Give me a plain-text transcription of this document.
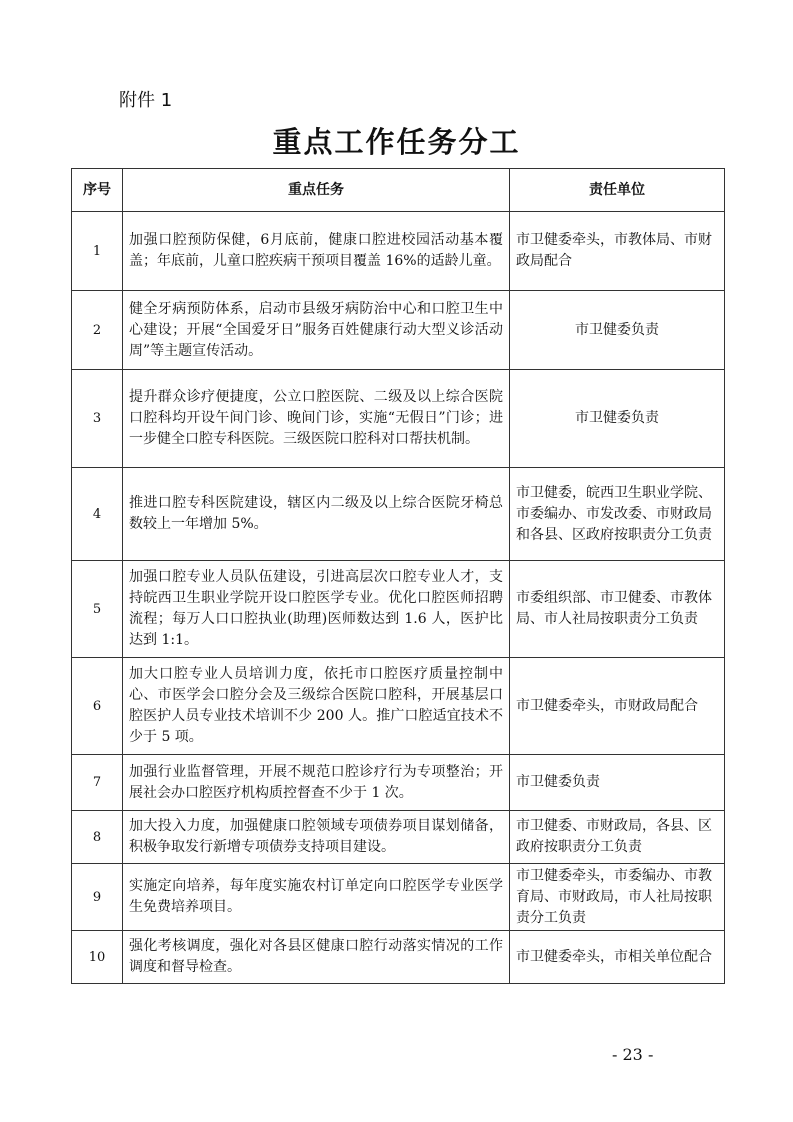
附件 1
重点工作任务分工
序号	重点任务	责任单位
1	加强口腔预防保健，6月底前，健康口腔进校园活动基本覆盖；年底前，儿童口腔疾病干预项目覆盖 16%的适龄儿童。	市卫健委牵头，市教体局、市财政局配合
2	健全牙病预防体系，启动市县级牙病防治中心和口腔卫生中心建设；开展“全国爱牙日”服务百姓健康行动大型义诊活动周”等主题宣传活动。	市卫健委负责
3	提升群众诊疗便捷度，公立口腔医院、二级及以上综合医院口腔科均开设午间门诊、晚间门诊，实施“无假日”门诊；进一步健全口腔专科医院。三级医院口腔科对口帮扶机制。	市卫健委负责
4	推进口腔专科医院建设，辖区内二级及以上综合医院牙椅总数较上一年增加 5%。	市卫健委，皖西卫生职业学院、市委编办、市发改委、市财政局和各县、区政府按职责分工负责
5	加强口腔专业人员队伍建设，引进高层次口腔专业人才，支持皖西卫生职业学院开设口腔医学专业。优化口腔医师招聘流程；每万人口口腔执业(助理)医师数达到 1.6 人，医护比达到 1:1。	市委组织部、市卫健委、市教体局、市人社局按职责分工负责
6	加大口腔专业人员培训力度，依托市口腔医疗质量控制中心、市医学会口腔分会及三级综合医院口腔科，开展基层口腔医护人员专业技术培训不少 200 人。推广口腔适宜技术不少于 5 项。	市卫健委牵头，市财政局配合
7	加强行业监督管理，开展不规范口腔诊疗行为专项整治；开展社会办口腔医疗机构质控督查不少于 1 次。	市卫健委负责
8	加大投入力度，加强健康口腔领域专项债券项目谋划储备，积极争取发行新增专项债券支持项目建设。	市卫健委、市财政局，各县、区政府按职责分工负责
9	实施定向培养，每年度实施农村订单定向口腔医学专业医学生免费培养项目。	市卫健委牵头，市委编办、市教育局、市财政局，市人社局按职责分工负责
10	强化考核调度，强化对各县区健康口腔行动落实情况的工作调度和督导检查。	市卫健委牵头，市相关单位配合
- 23 -
